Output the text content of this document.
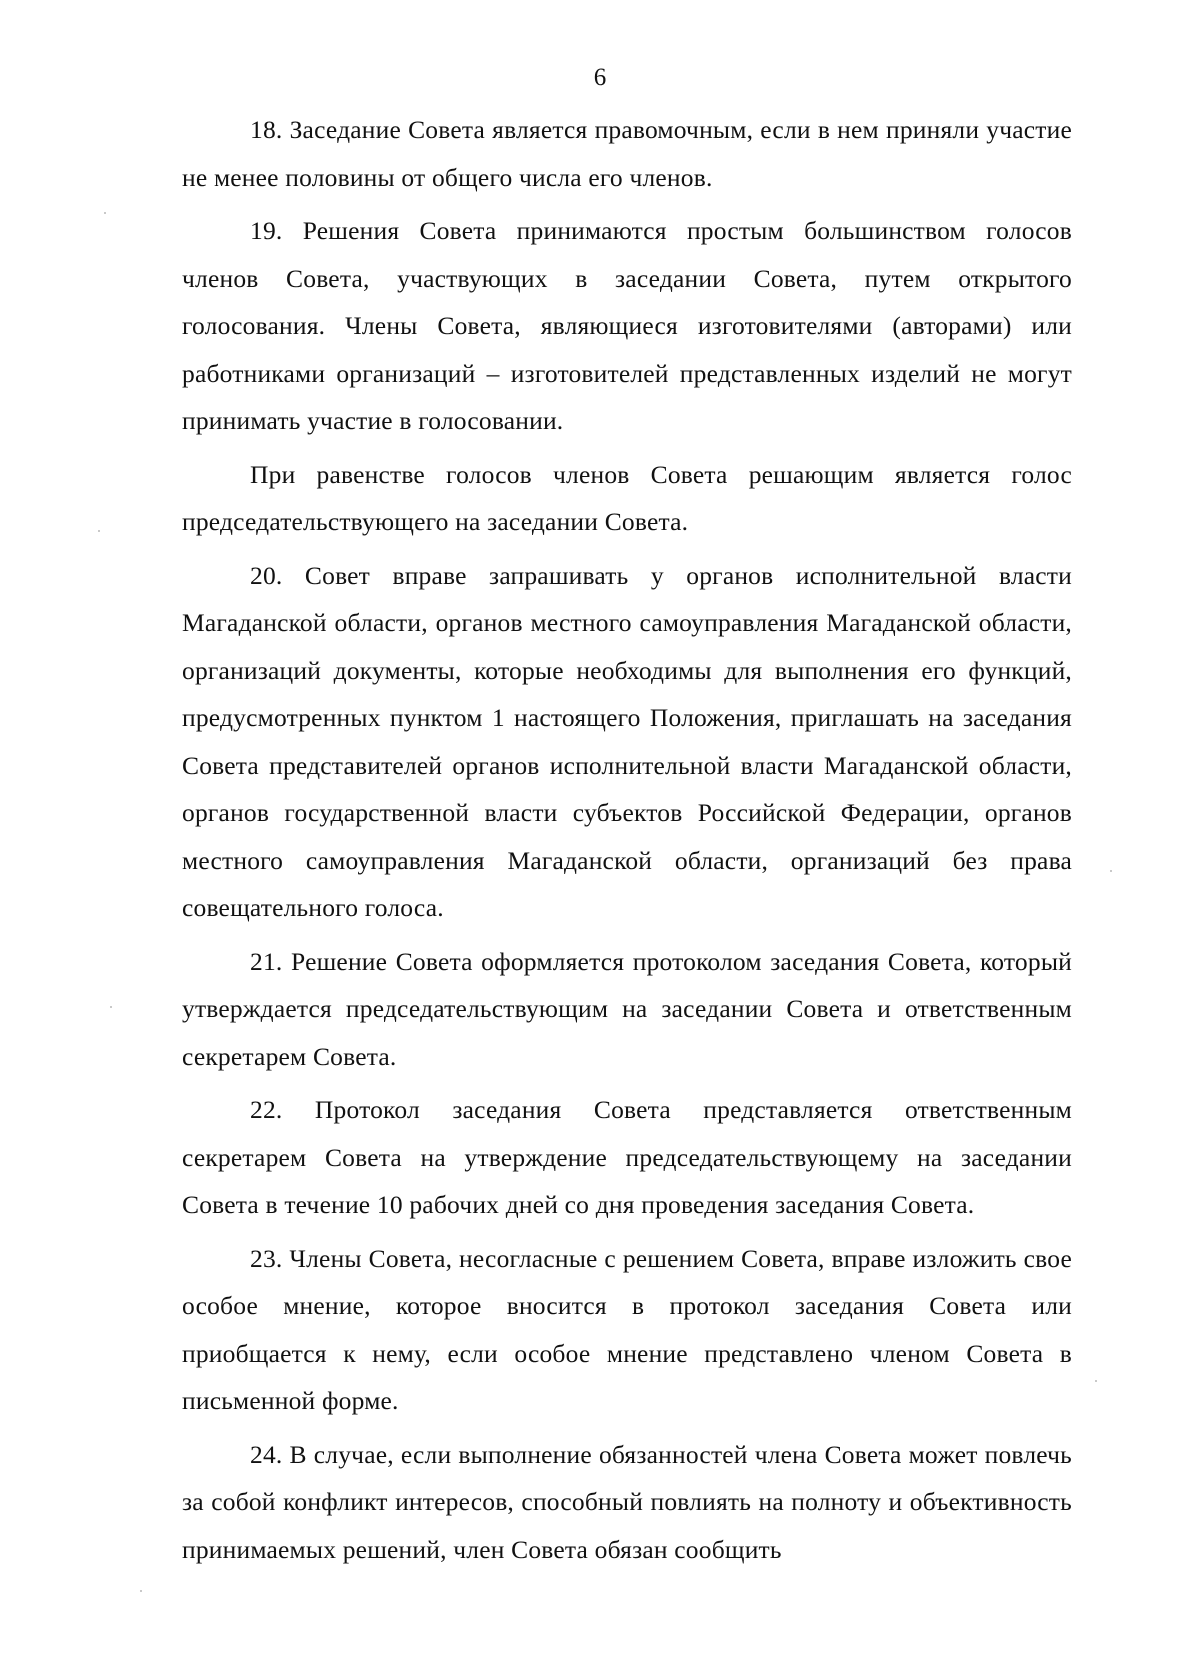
6

18. Заседание Совета является правомочным, если в нем приняли участие не менее половины от общего числа его членов.

19. Решения Совета принимаются простым большинством голосов членов Совета, участвующих в заседании Совета, путем открытого голосования. Члены Совета, являющиеся изготовителями (авторами) или работниками организаций – изготовителей представленных изделий не могут принимать участие в голосовании.

При равенстве голосов членов Совета решающим является голос председательствующего на заседании Совета.

20. Совет вправе запрашивать у органов исполнительной власти Магаданской области, органов местного самоуправления Магаданской области, организаций документы, которые необходимы для выполнения его функций, предусмотренных пунктом 1 настоящего Положения, приглашать на заседания Совета представителей органов исполнительной власти Магаданской области, органов государственной власти субъектов Российской Федерации, органов местного самоуправления Магаданской области, организаций без права совещательного голоса.

21. Решение Совета оформляется протоколом заседания Совета, который утверждается председательствующим на заседании Совета и ответственным секретарем Совета.

22. Протокол заседания Совета представляется ответственным секретарем Совета на утверждение председательствующему на заседании Совета в течение 10 рабочих дней со дня проведения заседания Совета.

23. Члены Совета, несогласные с решением Совета, вправе изложить свое особое мнение, которое вносится в протокол заседания Совета или приобщается к нему, если особое мнение представлено членом Совета в письменной форме.

24. В случае, если выполнение обязанностей члена Совета может повлечь за собой конфликт интересов, способный повлиять на полноту и объективность принимаемых решений, член Совета обязан сообщить
